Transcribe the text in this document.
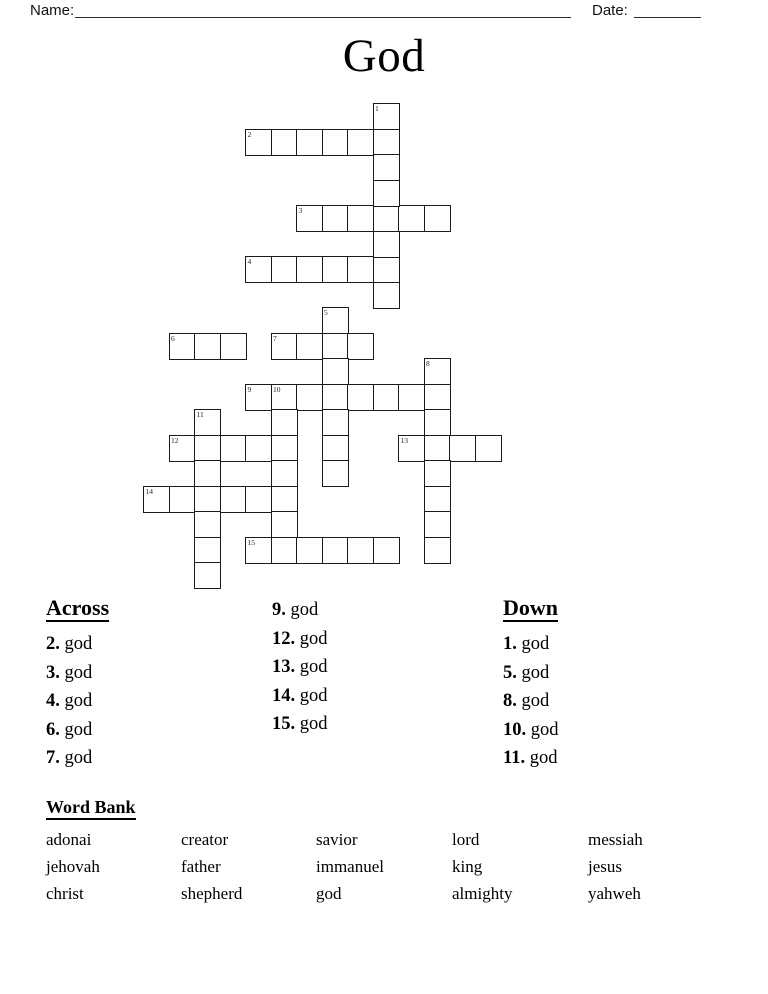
Name:	Date:
God
2
3
4
6	7
9	10
12	13
14
15
1
5
8
11
Across
2. god
3. god
4. god
6. god
7. god
9. god
12. god
13. god
14. god
15. god
Down
1. god
5. god
8. god
10. god
11. god
Word Bank
adonai	creator	savior	lord	messiah
jehovah	father	immanuel	king	jesus
christ	shepherd	god	almighty	yahweh
